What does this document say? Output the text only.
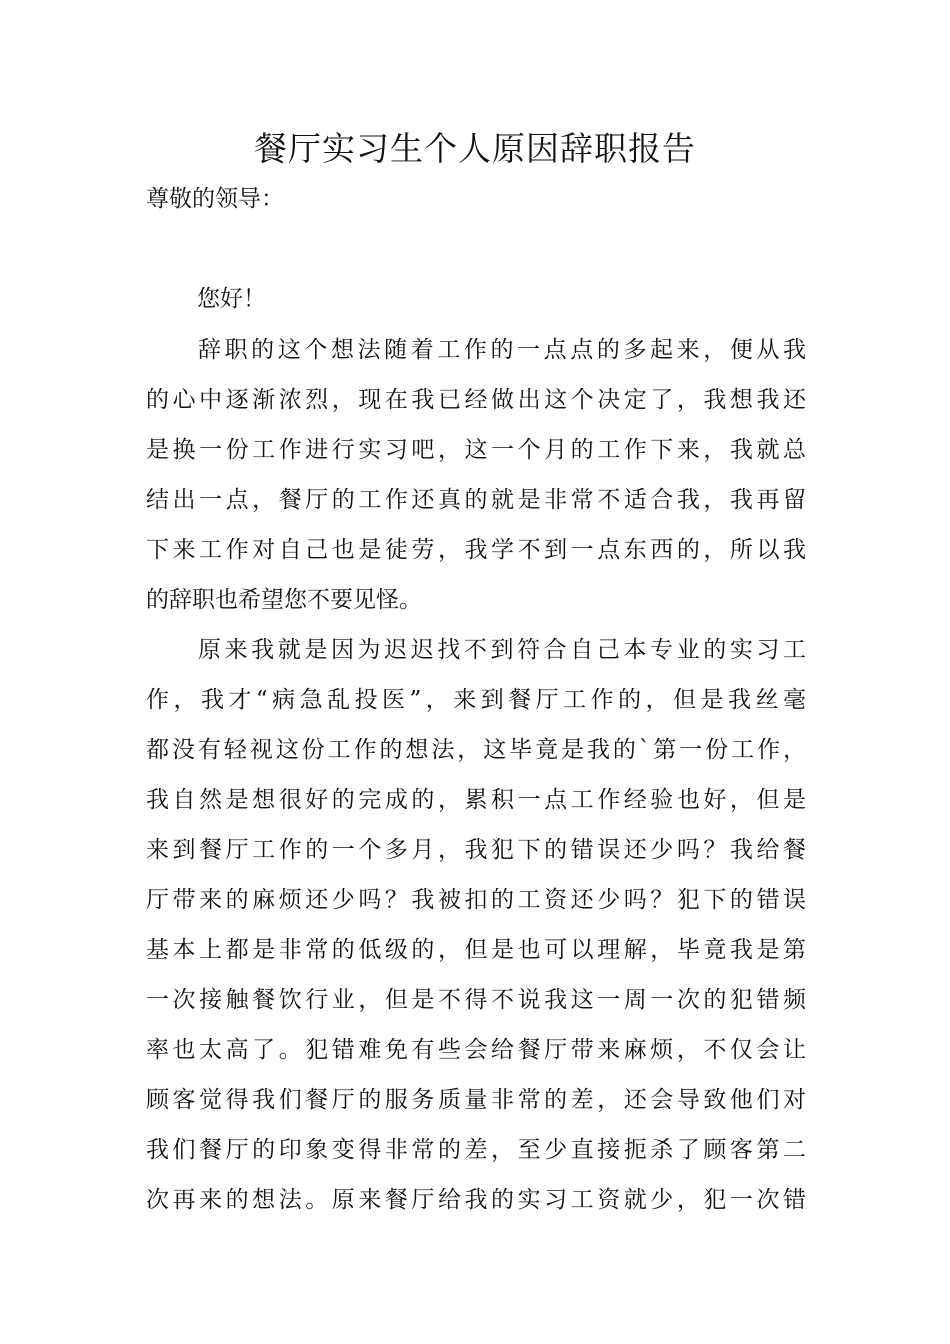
餐厅实习生个人原因辞职报告

尊敬的领导：

您好！

辞职的这个想法随着工作的一点点的多起来，便从我

的心中逐渐浓烈，现在我已经做出这个决定了，我想我还

是换一份工作进行实习吧，这一个月的工作下来，我就总

结出一点，餐厅的工作还真的就是非常不适合我，我再留

下来工作对自己也是徒劳，我学不到一点东西的，所以我

的辞职也希望您不要见怪。

原来我就是因为迟迟找不到符合自己本专业的实习工

作，我才“病急乱投医”，来到餐厅工作的，但是我丝毫

都没有轻视这份工作的想法，这毕竟是我的`第一份工作，

我自然是想很好的完成的，累积一点工作经验也好，但是

来到餐厅工作的一个多月，我犯下的错误还少吗？我给餐

厅带来的麻烦还少吗？我被扣的工资还少吗？犯下的错误

基本上都是非常的低级的，但是也可以理解，毕竟我是第

一次接触餐饮行业，但是不得不说我这一周一次的犯错频

率也太高了。犯错难免有些会给餐厅带来麻烦，不仅会让

顾客觉得我们餐厅的服务质量非常的差，还会导致他们对

我们餐厅的印象变得非常的差，至少直接扼杀了顾客第二

次再来的想法。原来餐厅给我的实习工资就少，犯一次错
